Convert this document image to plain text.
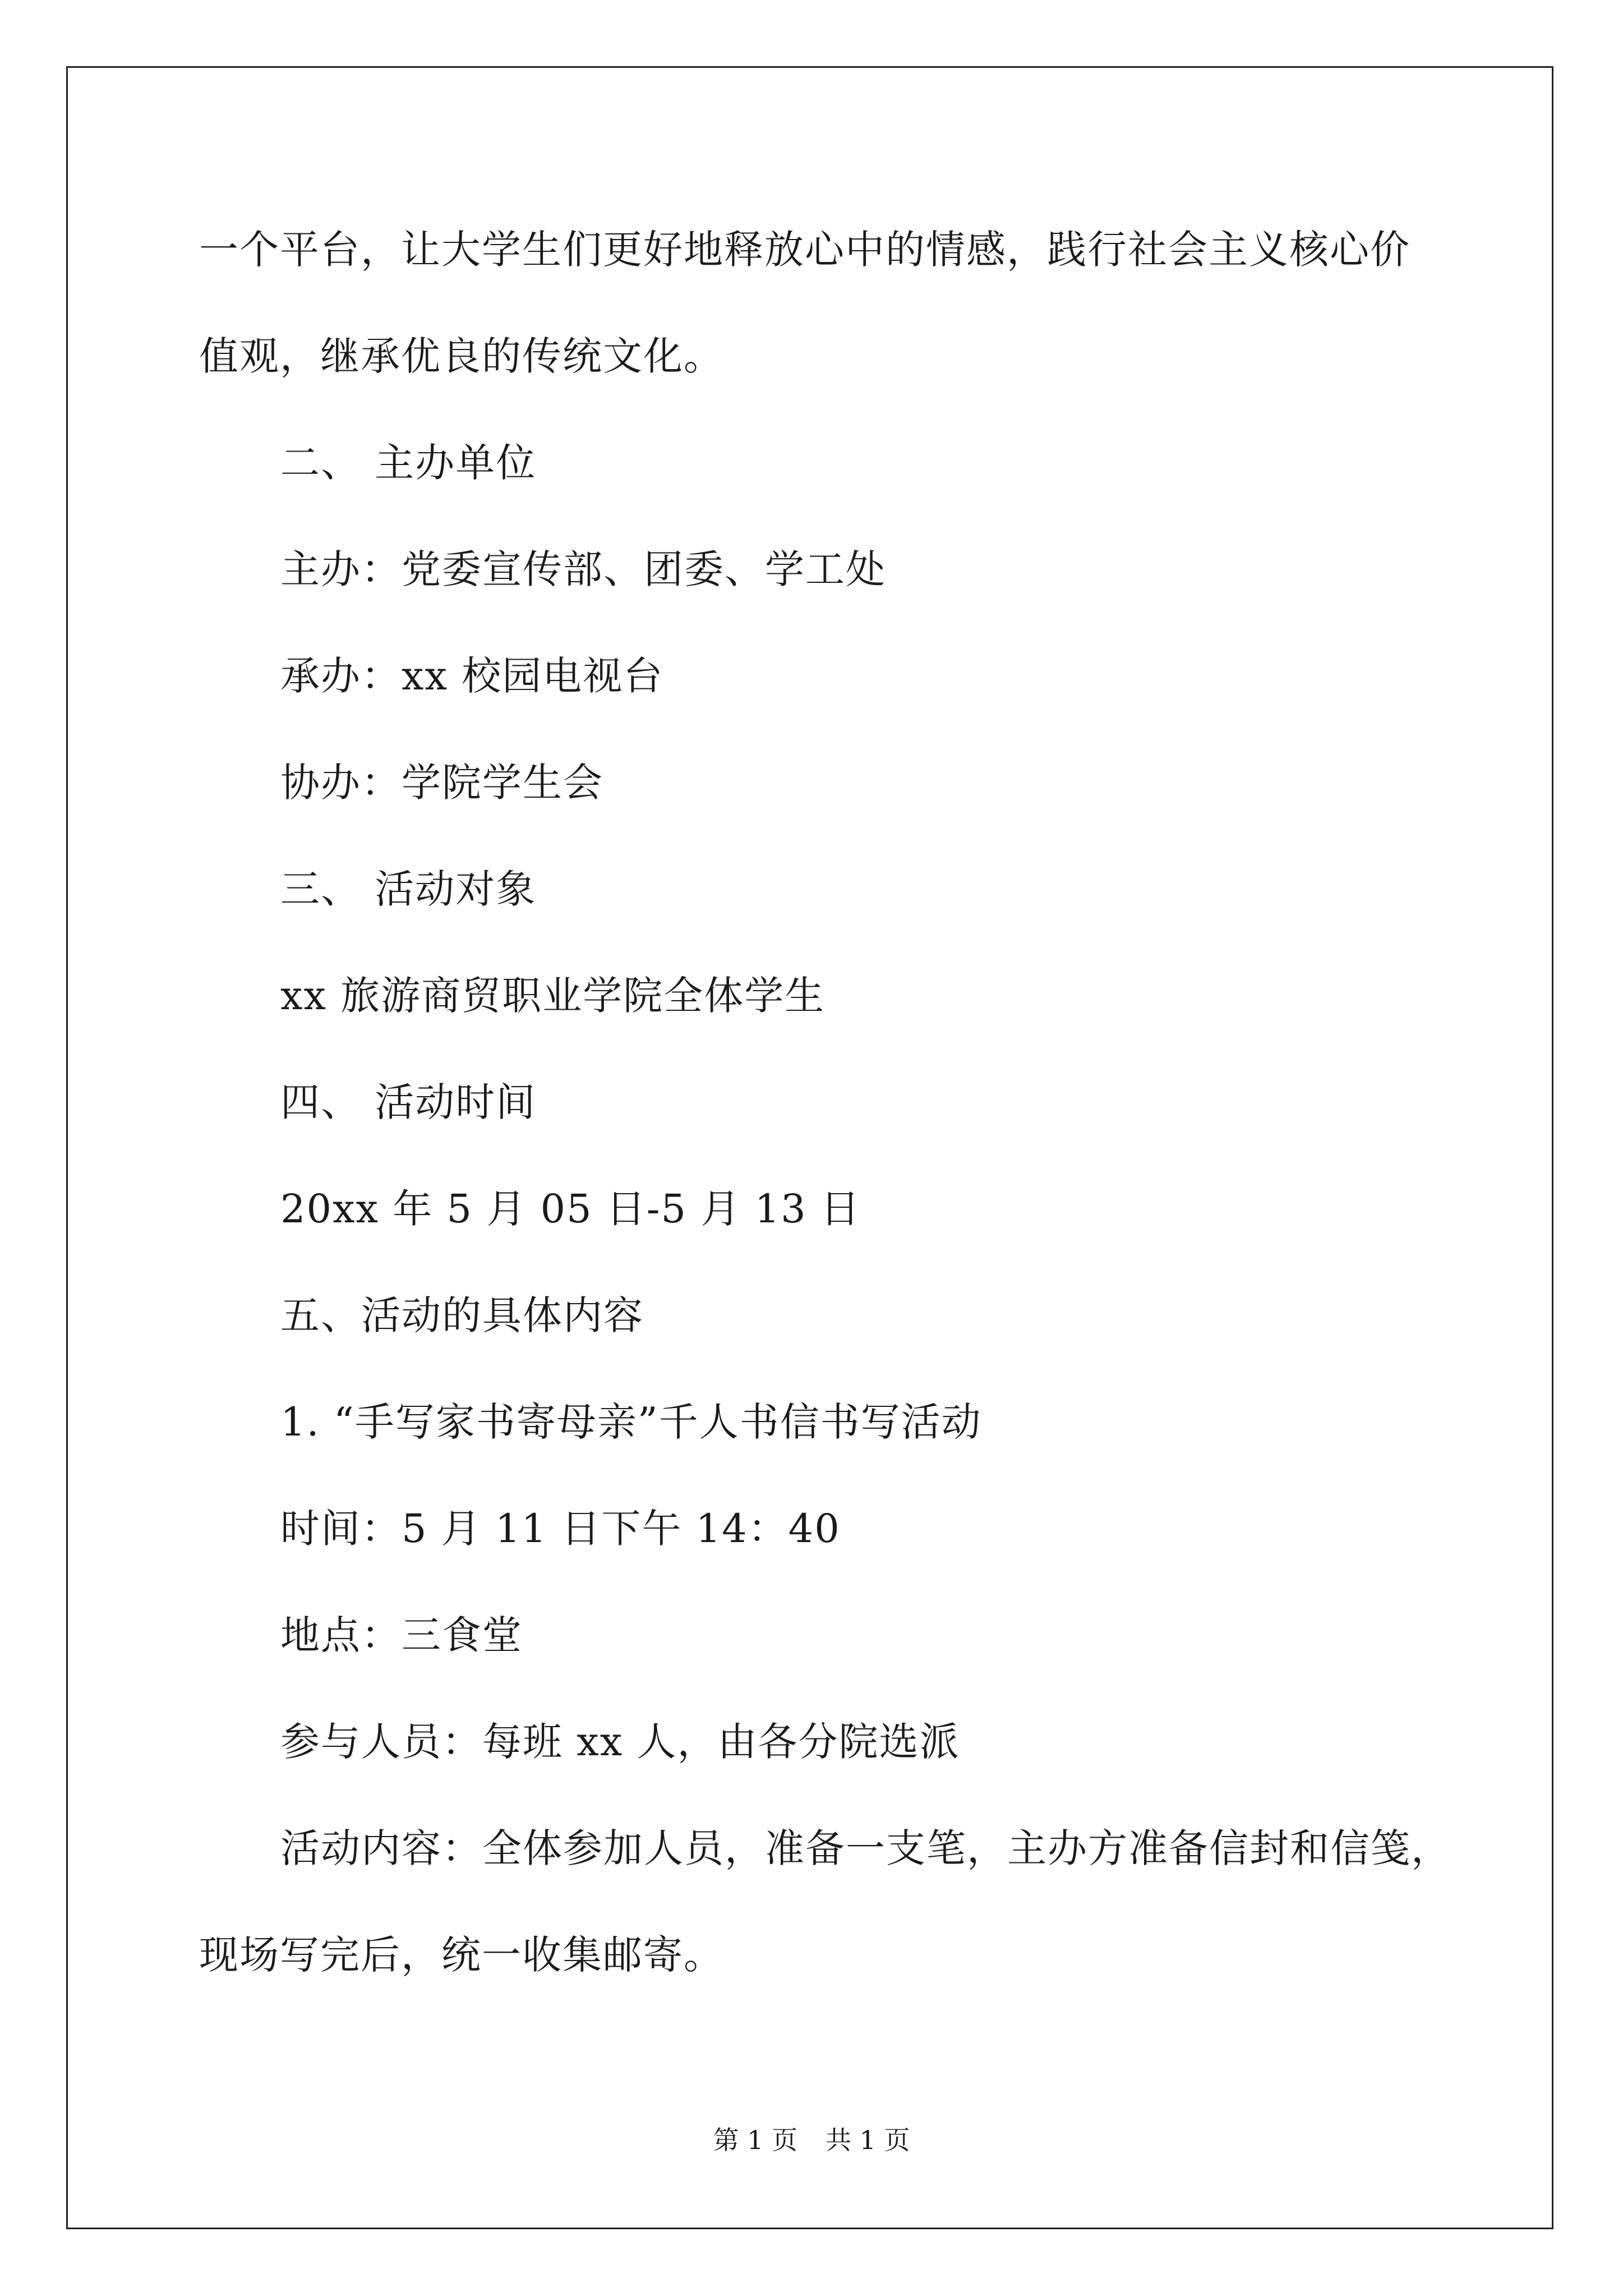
一个平台，让大学生们更好地释放心中的情感，践行社会主义核心价
值观，继承优良的传统文化。
二、 主办单位
主办：党委宣传部、团委、学工处
承办：xx 校园电视台
协办：学院学生会
三、 活动对象
xx 旅游商贸职业学院全体学生
四、 活动时间
20xx 年 5 月 05 日-5 月 13 日
五、活动的具体内容
1. “手写家书寄母亲”千人书信书写活动
时间：5 月 11 日下午 14：40
地点：三食堂
参与人员：每班 xx 人，由各分院选派
活动内容：全体参加人员，准备一支笔，主办方准备信封和信笺，
现场写完后，统一收集邮寄。
第 1 页 共 1 页
